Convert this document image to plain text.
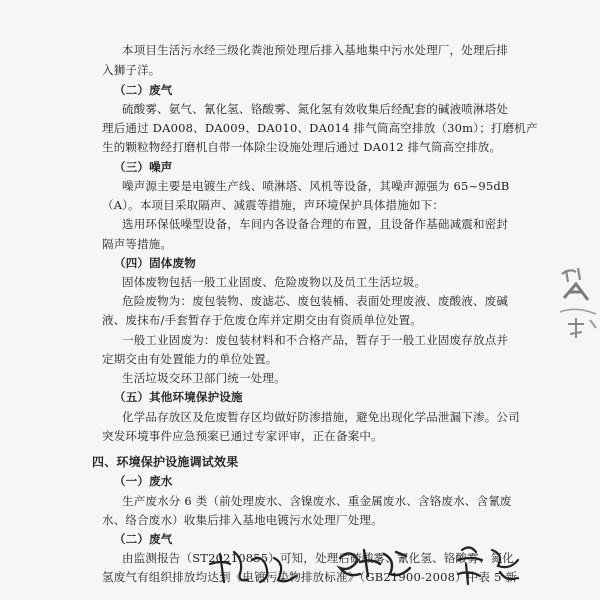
本项目生活污水经三级化粪池预处理后排入基地集中污水处理厂，处理后排
入狮子洋。
（二）废气
硫酸雾、氨气、氰化氢、铬酸雾、氮化氢有效收集后经配套的碱液喷淋塔处
理后通过 DA008、DA009、DA010、DA014 排气筒高空排放（30m）；打磨机产
生的颗粒物经打磨机自带一体除尘设施处理后通过 DA012 排气筒高空排放。
（三）噪声
噪声源主要是电镀生产线、喷淋塔、风机等设备，其噪声源强为 65~95dB
（A）。本项目采取隔声、减震等措施，声环境保护具体措施如下：
选用环保低噪型设备，车间内各设备合理的布置，且设备作基础减震和密封
隔声等措施。
（四）固体废物
固体废物包括一般工业固废、危险废物以及员工生活垃圾。
危险废物为：废包装物、废滤芯、废包装桶、表面处理废液、废酸液、废碱
液、废抹布/手套暂存于危废仓库并定期交由有资质单位处置。
一般工业固废为：废包装材料和不合格产品，暂存于一般工业固废存放点并
定期交由有处置能力的单位处置。
生活垃圾交环卫部门统一处理。
（五）其他环境保护设施
化学品存放区及危废暂存区均做好防渗措施，避免出现化学品泄漏下渗。公司
突发环境事件应急预案已通过专家评审，正在备案中。
四、环境保护设施调试效果
（一）废水
生产废水分 6 类（前处理废水、含镍废水、重金属废水、含铬废水、含氰废
水、络合废水）收集后排入基地电镀污水处理厂处理。
（二）废气
由监测报告（ST20210855）可知，处理后硫酸雾、氰化氢、铬酸雾、氮化
氢废气有组织排放均达到《电镀污染物排放标准》（GB21900-2008）中表 5 新
